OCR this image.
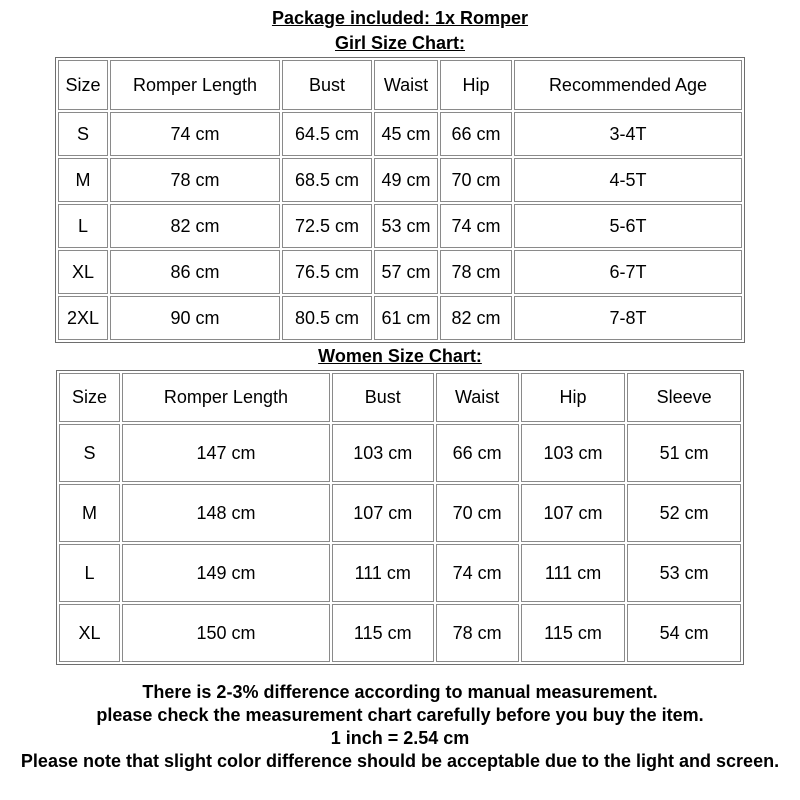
Package included: 1x Romper
Girl Size Chart:
Size	Romper Length	Bust	Waist	Hip	Recommended Age
S	74 cm	64.5 cm	45 cm	66 cm	3-4T
M	78 cm	68.5 cm	49 cm	70 cm	4-5T
L	82 cm	72.5 cm	53 cm	74 cm	5-6T
XL	86 cm	76.5 cm	57 cm	78 cm	6-7T
2XL	90 cm	80.5 cm	61 cm	82 cm	7-8T
Women Size Chart:
Size	Romper Length	Bust	Waist	Hip	Sleeve
S	147 cm	103 cm	66 cm	103 cm	51 cm
M	148 cm	107 cm	70 cm	107 cm	52 cm
L	149 cm	111 cm	74 cm	111 cm	53 cm
XL	150 cm	115 cm	78 cm	115 cm	54 cm
There is 2-3% difference according to manual measurement.
please check the measurement chart carefully before you buy the item.
1 inch = 2.54 cm
Please note that slight color difference should be acceptable due to the light and screen.
